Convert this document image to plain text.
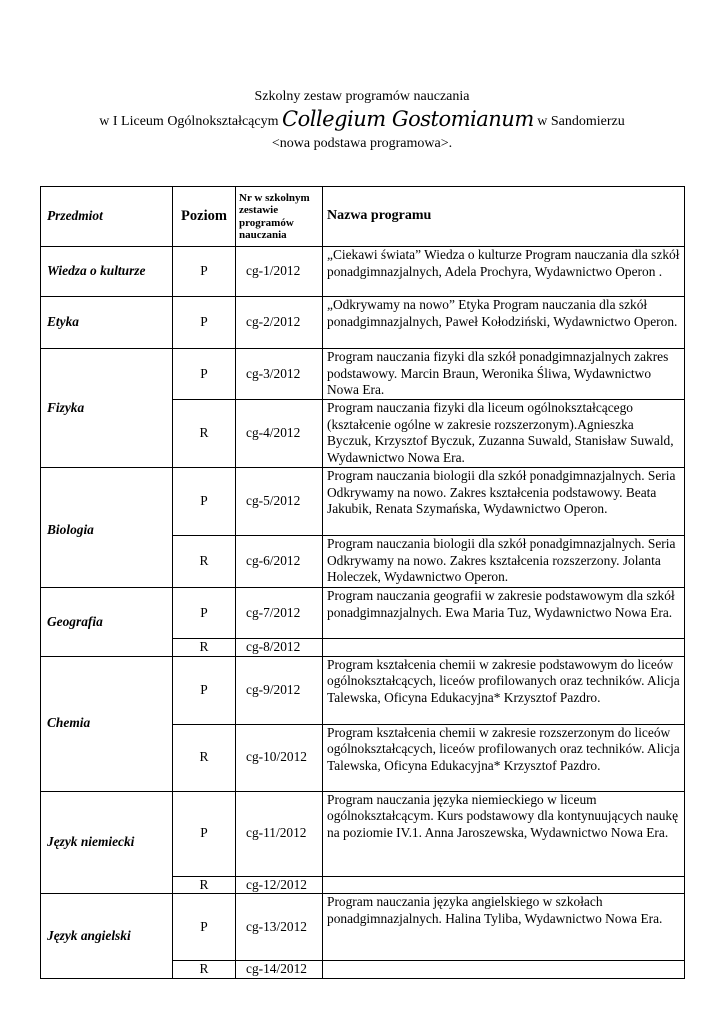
Szkolny zestaw programów nauczania
w I Liceum Ogólnokształcącym Collegium Gostomianum w Sandomierzu
<nowa podstawa programowa>.
Przedmiot	Poziom	Nr w szkolnym
zestawie
programów
nauczania	Nazwa programu
Wiedza o kulturze	P	cg-1/2012	„Ciekawi świata” Wiedza o kulturze Program nauczania dla szkół ponadgimnazjalnych, Adela Prochyra, Wydawnictwo Operon .
Etyka	P	cg-2/2012	„Odkrywamy na nowo” Etyka Program nauczania dla szkół ponadgimnazjalnych, Paweł Kołodziński, Wydawnictwo Operon.
Fizyka	P	cg-3/2012	Program nauczania fizyki dla szkół ponadgimnazjalnych zakres podstawowy. Marcin Braun, Weronika Śliwa, Wydawnictwo Nowa Era.
	R	cg-4/2012	Program nauczania fizyki dla liceum ogólnokształcącego (kształcenie ogólne w zakresie rozszerzonym).Agnieszka Byczuk, Krzysztof Byczuk, Zuzanna Suwald, Stanisław Suwald, Wydawnictwo Nowa Era.
Biologia	P	cg-5/2012	Program nauczania biologii dla szkół ponadgimnazjalnych. Seria Odkrywamy na nowo. Zakres kształcenia podstawowy. Beata Jakubik, Renata Szymańska, Wydawnictwo Operon.
	R	cg-6/2012	Program nauczania biologii dla szkół ponadgimnazjalnych. Seria Odkrywamy na nowo. Zakres kształcenia rozszerzony. Jolanta Holeczek, Wydawnictwo Operon.
Geografia	P	cg-7/2012	Program nauczania geografii w zakresie podstawowym dla szkół ponadgimnazjalnych. Ewa Maria Tuz, Wydawnictwo Nowa Era.
	R	cg-8/2012	
Chemia	P	cg-9/2012	Program kształcenia chemii w zakresie podstawowym do liceów ogólnokształcących, liceów profilowanych oraz techników. Alicja Talewska, Oficyna Edukacyjna* Krzysztof Pazdro.
	R	cg-10/2012	Program kształcenia chemii w zakresie rozszerzonym do liceów ogólnokształcących, liceów profilowanych oraz techników. Alicja Talewska, Oficyna Edukacyjna* Krzysztof Pazdro.
Język niemiecki	P	cg-11/2012	Program nauczania języka niemieckiego w liceum ogólnokształcącym. Kurs podstawowy dla kontynuujących naukę na poziomie IV.1. Anna Jaroszewska, Wydawnictwo Nowa Era.
	R	cg-12/2012	
Język angielski	P	cg-13/2012	Program nauczania języka angielskiego w szkołach ponadgimnazjalnych. Halina Tyliba, Wydawnictwo Nowa Era.
	R	cg-14/2012	
